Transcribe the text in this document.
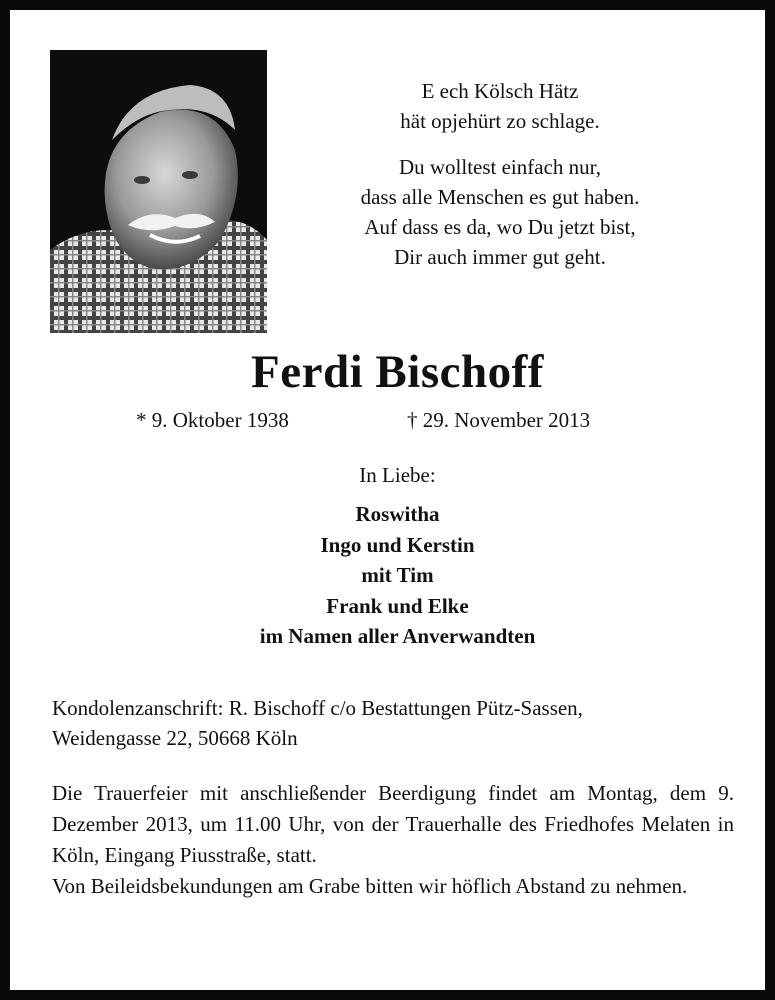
E ech Kölsch Hätz
hät opjehürt zo schlage.
Du wolltest einfach nur,
dass alle Menschen es gut haben.
Auf dass es da, wo Du jetzt bist,
Dir auch immer gut geht.
Ferdi Bischoff
* 9. Oktober 1938	† 29. November 2013
In Liebe:
Roswitha
Ingo und Kerstin
mit Tim
Frank und Elke
im Namen aller Anverwandten
Kondolenzanschrift: R. Bischoff c/o Bestattungen Pütz-Sassen,
Weidengasse 22, 50668 Köln
Die Trauerfeier mit anschließender Beerdigung findet am Montag, dem 9. Dezember 2013, um 11.00 Uhr, von der Trauerhalle des Friedhofes Melaten in Köln, Eingang Piusstraße, statt.
Von Beileidsbekundungen am Grabe bitten wir höflich Abstand zu nehmen.
